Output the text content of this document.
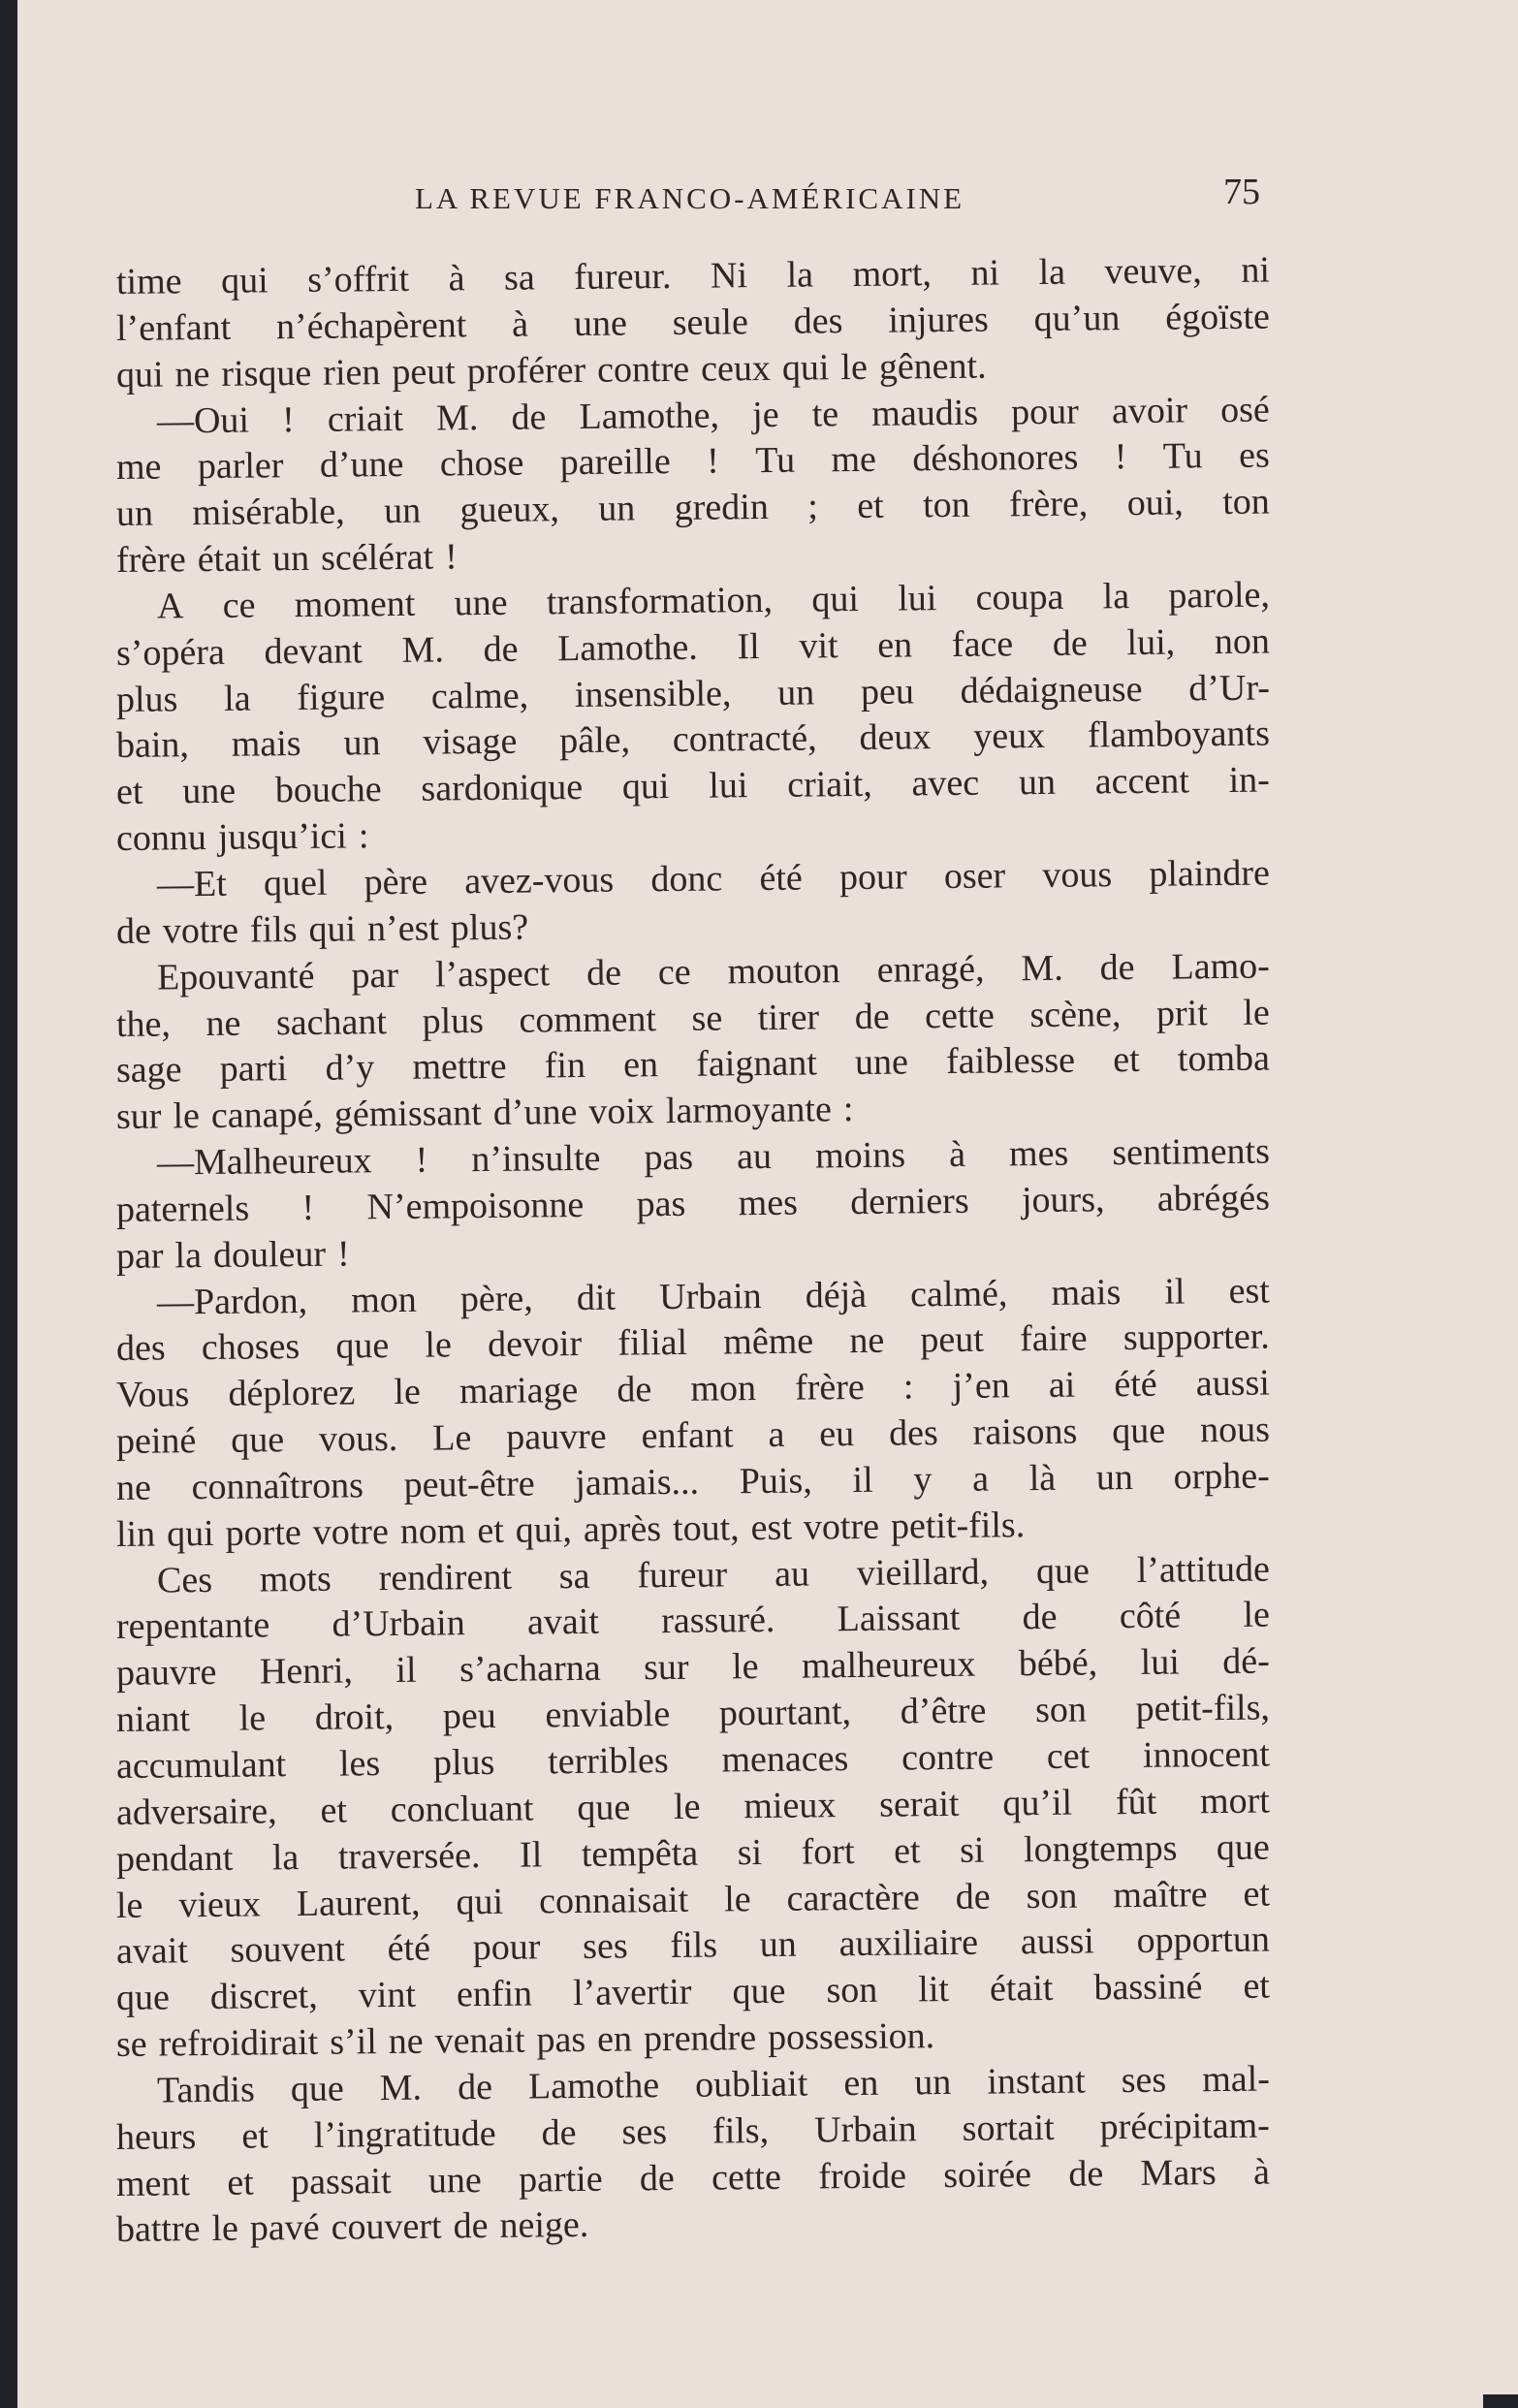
LA REVUE FRANCO-AMÉRICAINE	75
time qui s’offrit à sa fureur. Ni la mort, ni la veuve, ni
l’enfant n’échapèrent à une seule des injures qu’un égoïste
qui ne risque rien peut proférer contre ceux qui le gênent.
—Oui ! criait M. de Lamothe, je te maudis pour avoir osé
me parler d’une chose pareille ! Tu me déshonores ! Tu es
un misérable, un gueux, un gredin ; et ton frère, oui, ton
frère était un scélérat !
A ce moment une transformation, qui lui coupa la parole,
s’opéra devant M. de Lamothe. Il vit en face de lui, non
plus la figure calme, insensible, un peu dédaigneuse d’Ur-
bain, mais un visage pâle, contracté, deux yeux flamboyants
et une bouche sardonique qui lui criait, avec un accent in-
connu jusqu’ici :
—Et quel père avez-vous donc été pour oser vous plaindre
de votre fils qui n’est plus?
Epouvanté par l’aspect de ce mouton enragé, M. de Lamo-
the, ne sachant plus comment se tirer de cette scène, prit le
sage parti d’y mettre fin en faignant une faiblesse et tomba
sur le canapé, gémissant d’une voix larmoyante :
—Malheureux ! n’insulte pas au moins à mes sentiments
paternels ! N’empoisonne pas mes derniers jours, abrégés
par la douleur !
—Pardon, mon père, dit Urbain déjà calmé, mais il est
des choses que le devoir filial même ne peut faire supporter.
Vous déplorez le mariage de mon frère : j’en ai été aussi
peiné que vous. Le pauvre enfant a eu des raisons que nous
ne connaîtrons peut-être jamais... Puis, il y a là un orphe-
lin qui porte votre nom et qui, après tout, est votre petit-fils.
Ces mots rendirent sa fureur au vieillard, que l’attitude
repentante d’Urbain avait rassuré. Laissant de côté le
pauvre Henri, il s’acharna sur le malheureux bébé, lui dé-
niant le droit, peu enviable pourtant, d’être son petit-fils,
accumulant les plus terribles menaces contre cet innocent
adversaire, et concluant que le mieux serait qu’il fût mort
pendant la traversée. Il tempêta si fort et si longtemps que
le vieux Laurent, qui connaisait le caractère de son maître et
avait souvent été pour ses fils un auxiliaire aussi opportun
que discret, vint enfin l’avertir que son lit était bassiné et
se refroidirait s’il ne venait pas en prendre possession.
Tandis que M. de Lamothe oubliait en un instant ses mal-
heurs et l’ingratitude de ses fils, Urbain sortait précipitam-
ment et passait une partie de cette froide soirée de Mars à
battre le pavé couvert de neige.
